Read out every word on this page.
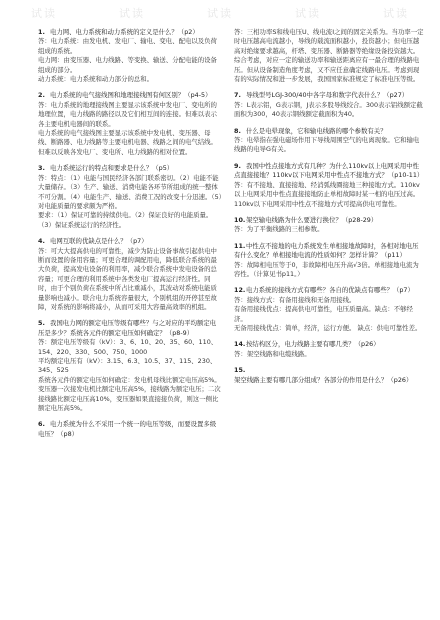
试读	试读	试读	试读	试读

1. 电力网、电力系统和动力系统的定义是什么？（p2）

答：电力系统：由发电机、发电厂、输电、变电、配电以及负荷组成的系统。

电力网：由变压器、电力线路、等变换、输送、分配电能的设备组成的部分。

动力系统：电力系统和动力部分的总和。

2. 电力系统的电气接线图和地理接线图有何区别？（p4-5）

答：电力系统的地理接线图主要显示该系统中发电厂、变电所的地理位置，电力线路的路径以及它们相互间的连接。但难以表示各主要电机电器间的联系。

电力系统的电气接线图主要显示该系统中发电机、变压器、母线、断路器、电力线路等主要电机电器、线路之间的电气结线。但难以反映各发电厂、变电所、电力线路的相对位置。

3. 电力系统运行的特点和要求是什么？（p5）

答：特点：（1）电能与国民经济各部门联系密切。（2）电能不能大量储存。（3）生产、输送、消费电能各环节所组成的统一整体不可分割。（4）电能生产、输送、消费工况的改变十分迅速。（5）对电能质量的要求颇为严格。

要求：（1）保证可靠的持续供电。（2）保证良好的电能质量。（3）保证系统运行的经济性。

4. 电网互联的优缺点是什么？（p7）

答：可大大提高供电的可靠性，减少为防止设备事故引起供电中断而设置的备用容量；可更合理的调配用电，降低联合系统的最大负荷，提高发电设备的利用率，减少联合系统中发电设备的总容量；可更合理的利用系统中各类发电厂提高运行经济性。同时，由于个别负荷在系统中所占比重减小，其波动对系统电能质量影响也减小。联合电力系统容量很大，个别机组的开停甚至故障，对系统的影响将减小，从而可采用大容量高效率的机组。

5. 我国电力网的额定电压等级有哪些？与之对应的平均额定电压是多少？系统各元件的额定电压如何确定？（p8-9）

答：额定电压等级有（kV）：3、6、10、20、35、60、110、154、220、330、500、750、1000

平均额定电压有（kV）：3.15、6.3、10.5、37、115、230、345、525

系统各元件的额定电压如何确定：发电机母线比额定电压高5%。变压器一次接发电机比额定电压高5%，接线路为额定电压；二次接线路比额定电压高10%，变压器如果直接接负荷，则这一侧比额定电压高5%。

6. 电力系统为什么不采用一个统一的电压等级，而要设置多级电压？（p8）

答：三相功率S和线电压U、线电流I之间的固定关系为。当功率一定时电压越高电流越小，导线的载流面积越小，投资越小；但电压越高对绝缘要求越高，杆塔、变压器、断路器等绝缘设备投资越大。综合考虑，对应一定的输送功率和输送距离应有一最合理的线路电压。但从设备制造角度考虑，又不应任意确定线路电压。考虑到现有的实际情况和进一步发展，我国国家标准规定了标准电压等级。

7. 导线型号LGJ-300/40中各字母和数字代表什么？（p27）

答：L表示铝，G表示钢，J表示多股导线绞合。300表示铝线额定截面积为300，40表示钢线额定截面积为40。

8. 什么是电晕现象，它和输电线路的哪个参数有关？

答：电晕指在强电磁场作用下导线周围空气的电离现象。它和输电线路的电导G有关。

9. 我国中性点接地方式有几种？为什么110kv以上电网采用中性点直接接地？110kv以下电网采用中性点不接地方式？（p10-11）

答：有不接地、直接接地、经消弧线圈接地三种接地方式。110kv以上电网采用中性点直接接地防止单相故障时某一相的电压过高。110kv以下电网采用中性点不接地方式可提高供电可靠性。

10.架空输电线路为什么要进行换位？（p28-29）

答：为了平衡线路的三相参数。

11.中性点不接地的电力系统发生单相接地故障时，各相对地电压有什么变化？单相接地电流的性质如何？怎样计算？（p11）

答：故障相电压等于0，非故障相电压升高√3倍。单相接地电流为容性。（计算见书p11。）

12.电力系统的接线方式有哪些？各自的优缺点有哪些？（p7）

答：接线方式：有备用接线和无备用接线。

有备用接线优点：提高供电可靠性，电压质量高。缺点：不够经济。

无备用接线优点：简单，经济，运行方便。 缺点：供电可靠性差。

14.按结构区分，电力线路主要有哪几类？（p26）

答：架空线路和电缆线路。

15.架空线路主要有哪几部分组成？各部分的作用是什么？（p26）
